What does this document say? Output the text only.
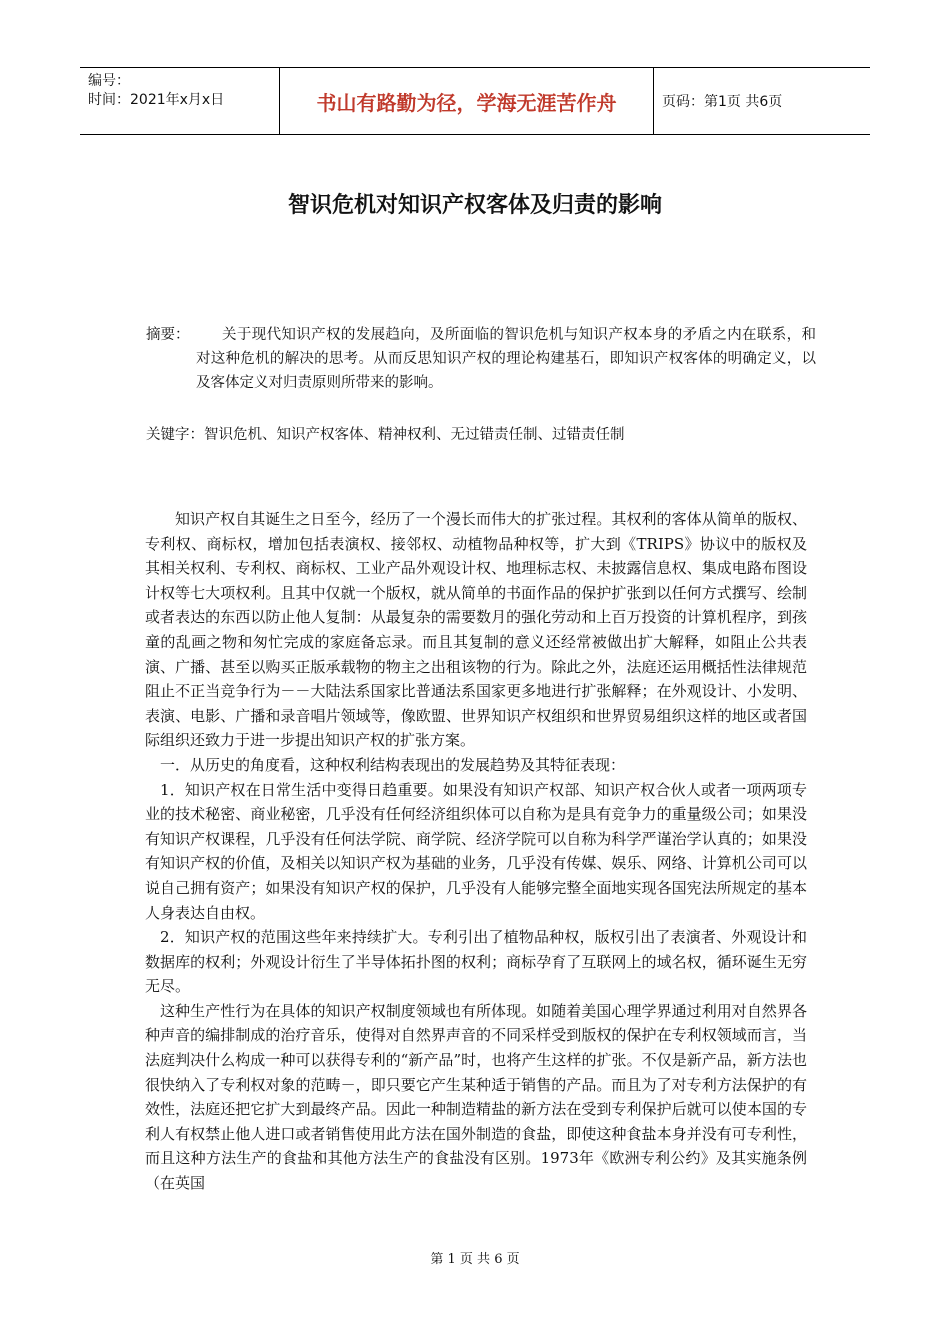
编号：
时间：2021年x月x日	书山有路勤为径，学海无涯苦作舟	页码：第1页 共6页
智识危机对知识产权客体及归责的影响
摘要：	关于现代知识产权的发展趋向，及所面临的智识危机与知识产权本身的矛盾之内在联系，和对这种危机的解决的思考。从而反思知识产权的理论构建基石，即知识产权客体的明确定义，以及客体定义对归责原则所带来的影响。
关键字：智识危机、知识产权客体、精神权利、无过错责任制、过错责任制

知识产权自其诞生之日至今，经历了一个漫长而伟大的扩张过程。其权利的客体从简单的版权、专利权、商标权，增加包括表演权、接邻权、动植物品种权等，扩大到《TRIPS》协议中的版权及其相关权利、专利权、商标权、工业产品外观设计权、地理标志权、未披露信息权、集成电路布图设计权等七大项权利。且其中仅就一个版权，就从简单的书面作品的保护扩张到以任何方式撰写、绘制或者表达的东西以防止他人复制：从最复杂的需要数月的强化劳动和上百万投资的计算机程序，到孩童的乱画之物和匆忙完成的家庭备忘录。而且其复制的意义还经常被做出扩大解释，如阻止公共表演、广播、甚至以购买正版承载物的物主之出租该物的行为。除此之外，法庭还运用概括性法律规范阻止不正当竞争行为－－大陆法系国家比普通法系国家更多地进行扩张解释；在外观设计、小发明、表演、电影、广播和录音唱片领域等，像欧盟、世界知识产权组织和世界贸易组织这样的地区或者国际组织还致力于进一步提出知识产权的扩张方案。

一．从历史的角度看，这种权利结构表现出的发展趋势及其特征表现：

1．知识产权在日常生活中变得日趋重要。如果没有知识产权部、知识产权合伙人或者一项两项专业的技术秘密、商业秘密，几乎没有任何经济组织体可以自称为是具有竞争力的重量级公司；如果没有知识产权课程，几乎没有任何法学院、商学院、经济学院可以自称为科学严谨治学认真的；如果没有知识产权的价值，及相关以知识产权为基础的业务，几乎没有传媒、娱乐、网络、计算机公司可以说自己拥有资产；如果没有知识产权的保护，几乎没有人能够完整全面地实现各国宪法所规定的基本人身表达自由权。

2．知识产权的范围这些年来持续扩大。专利引出了植物品种权，版权引出了表演者、外观设计和数据库的权利；外观设计衍生了半导体拓扑图的权利；商标孕育了互联网上的域名权，循环诞生无穷无尽。

这种生产性行为在具体的知识产权制度领域也有所体现。如随着美国心理学界通过利用对自然界各种声音的编排制成的治疗音乐，使得对自然界声音的不同采样受到版权的保护在专利权领域而言，当法庭判决什么构成一种可以获得专利的“新产品”时，也将产生这样的扩张。不仅是新产品，新方法也很快纳入了专利权对象的范畴－，即只要它产生某种适于销售的产品。而且为了对专利方法保护的有效性，法庭还把它扩大到最终产品。因此一种制造精盐的新方法在受到专利保护后就可以使本国的专利人有权禁止他人进口或者销售使用此方法在国外制造的食盐，即使这种食盐本身并没有可专利性，而且这种方法生产的食盐和其他方法生产的食盐没有区别。1973年《欧洲专利公约》及其实施条例（在英国

第 1 页 共 6 页
